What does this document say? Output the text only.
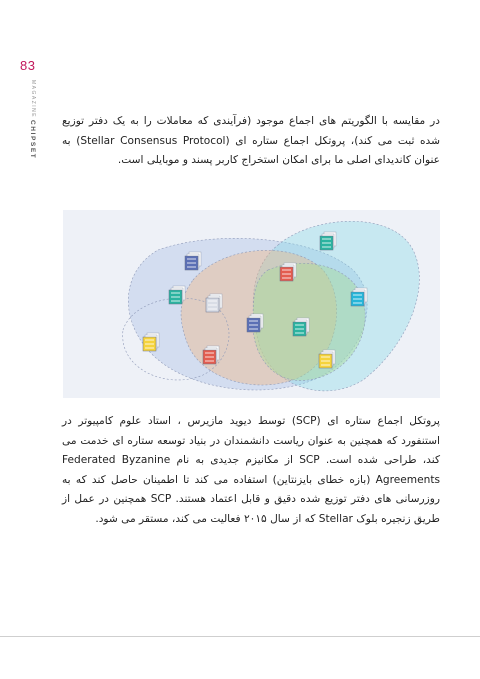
83
MAGAZINE
CHIPSET در مقایسه با الگوریتم های اجماع موجود (فرآیندی که معاملات را به یک دفتر توزیع شده ثبت می کند)، پروتکل اجماع ستاره ای (Stellar Consensus Protocol) به عنوان کاندیدای اصلی ما برای امکان استخراج کاربر پسند و موبایلی است.

پروتکل اجماع ستاره ای (SCP) توسط دیوید مازیرس ، استاد علوم کامپیوتر در استنفورد که همچنین به عنوان ریاست دانشمندان در بنیاد توسعه ستاره ای خدمت می کند، طراحی شده است. SCP از مکانیزم جدیدی به نام Federated Byzanine Agreements (بازه خطای بایزنتاین) استفاده می کند تا اطمینان حاصل کند که به روزرسانی های دفتر توزیع شده دقیق و قابل اعتماد هستند. SCP همچنین در عمل از طریق زنجیره بلوک Stellar که از سال ۲۰۱۵ فعالیت می کند، مستقر می شود.
